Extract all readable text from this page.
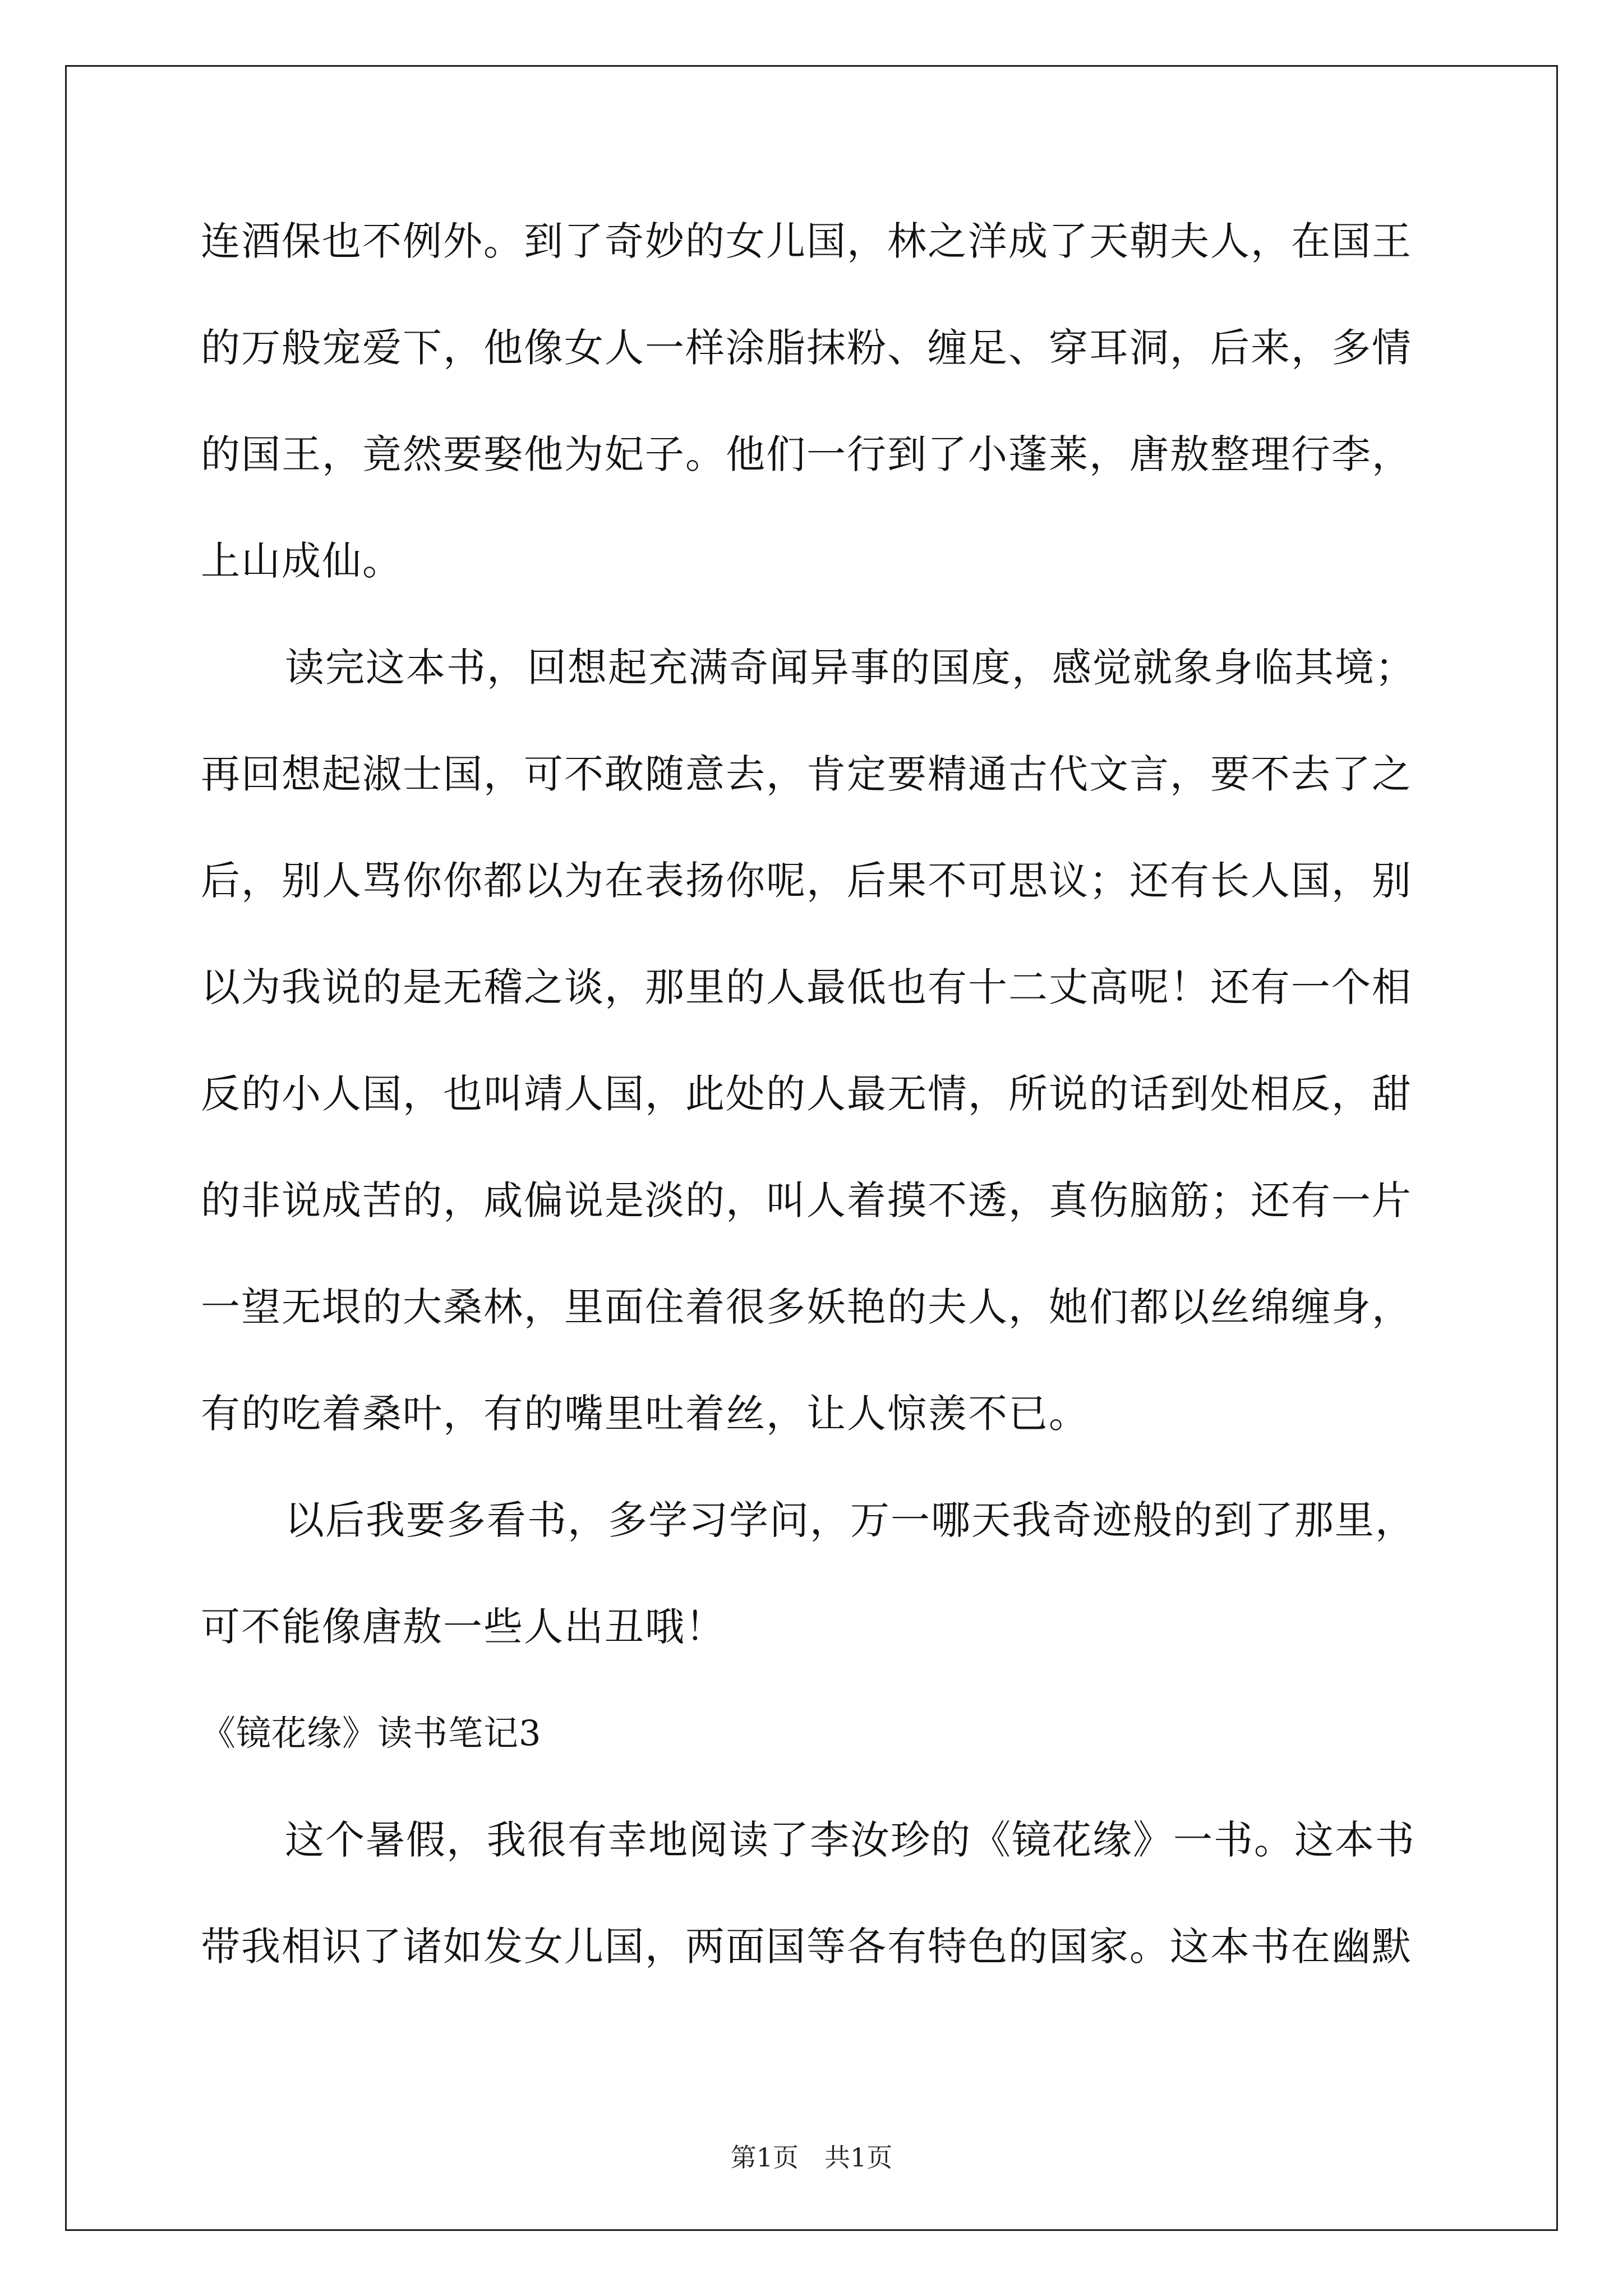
连酒保也不例外。到了奇妙的女儿国，林之洋成了天朝夫人，在国王
的万般宠爱下，他像女人一样涂脂抹粉、缠足、穿耳洞，后来，多情
的国王，竟然要娶他为妃子。他们一行到了小蓬莱，唐敖整理行李，
上山成仙。
读完这本书，回想起充满奇闻异事的国度，感觉就象身临其境；
再回想起淑士国，可不敢随意去，肯定要精通古代文言，要不去了之
后，别人骂你你都以为在表扬你呢，后果不可思议；还有长人国，别
以为我说的是无稽之谈，那里的人最低也有十二丈高呢！还有一个相
反的小人国，也叫靖人国，此处的人最无情，所说的话到处相反，甜
的非说成苦的，咸偏说是淡的，叫人着摸不透，真伤脑筋；还有一片
一望无垠的大桑林，里面住着很多妖艳的夫人，她们都以丝绵缠身，
有的吃着桑叶，有的嘴里吐着丝，让人惊羡不已。
以后我要多看书，多学习学问，万一哪天我奇迹般的到了那里，
可不能像唐敖一些人出丑哦！
《镜花缘》读书笔记3
这个暑假，我很有幸地阅读了李汝珍的《镜花缘》一书。这本书
带我相识了诸如发女儿国，两面国等各有特色的国家。这本书在幽默
第1页　共1页
